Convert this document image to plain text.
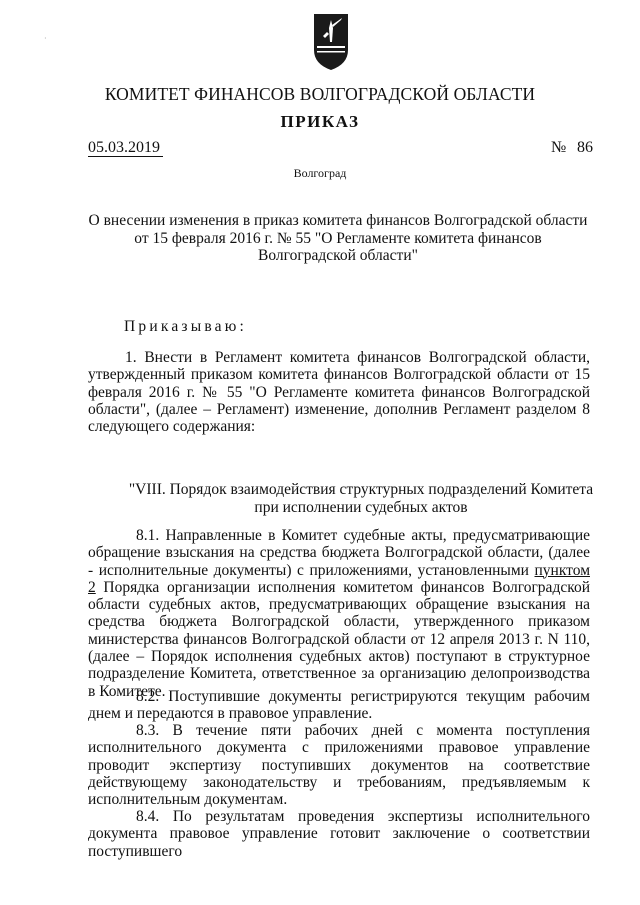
·
КОМИТЕТ ФИНАНСОВ ВОЛГОГРАДСКОЙ ОБЛАСТИ
ПРИКАЗ
05.03.2019	№ 86
Волгоград
О внесении изменения в приказ комитета финансов Волгоградской области от 15 февраля 2016 г. № 55 "О Регламенте комитета финансов Волгоградской области"
Приказываю:

1. Внести в Регламент комитета финансов Волгоградской области, утвержденный приказом комитета финансов Волгоградской области от 15 февраля 2016 г. № 55 "О Регламенте комитета финансов Волгоградской области", (далее – Регламент) изменение, дополнив Регламент разделом 8 следующего содержания:

"VIII. Порядок взаимодействия структурных подразделений Комитета при исполнении судебных актов

8.1. Направленные в Комитет судебные акты, предусматривающие обращение взыскания на средства бюджета Волгоградской области, (далее - исполнительные документы) с приложениями, установленными пунктом 2 Порядка организации исполнения комитетом финансов Волгоградской области судебных актов, предусматривающих обращение взыскания на средства бюджета Волгоградской области, утвержденного приказом министерства финансов Волгоградской области от 12 апреля 2013 г. N 110, (далее – Порядок исполнения судебных актов) поступают в структурное подразделение Комитета, ответственное за организацию делопроизводства в Комитете.

8.2. Поступившие документы регистрируются текущим рабочим днем и передаются в правовое управление.

8.3. В течение пяти рабочих дней с момента поступления исполнительного документа с приложениями правовое управление проводит экспертизу поступивших документов на соответствие действующему законодательству и требованиям, предъявляемым к исполнительным документам.

8.4. По результатам проведения экспертизы исполнительного документа правовое управление готовит заключение о соответствии поступившего
